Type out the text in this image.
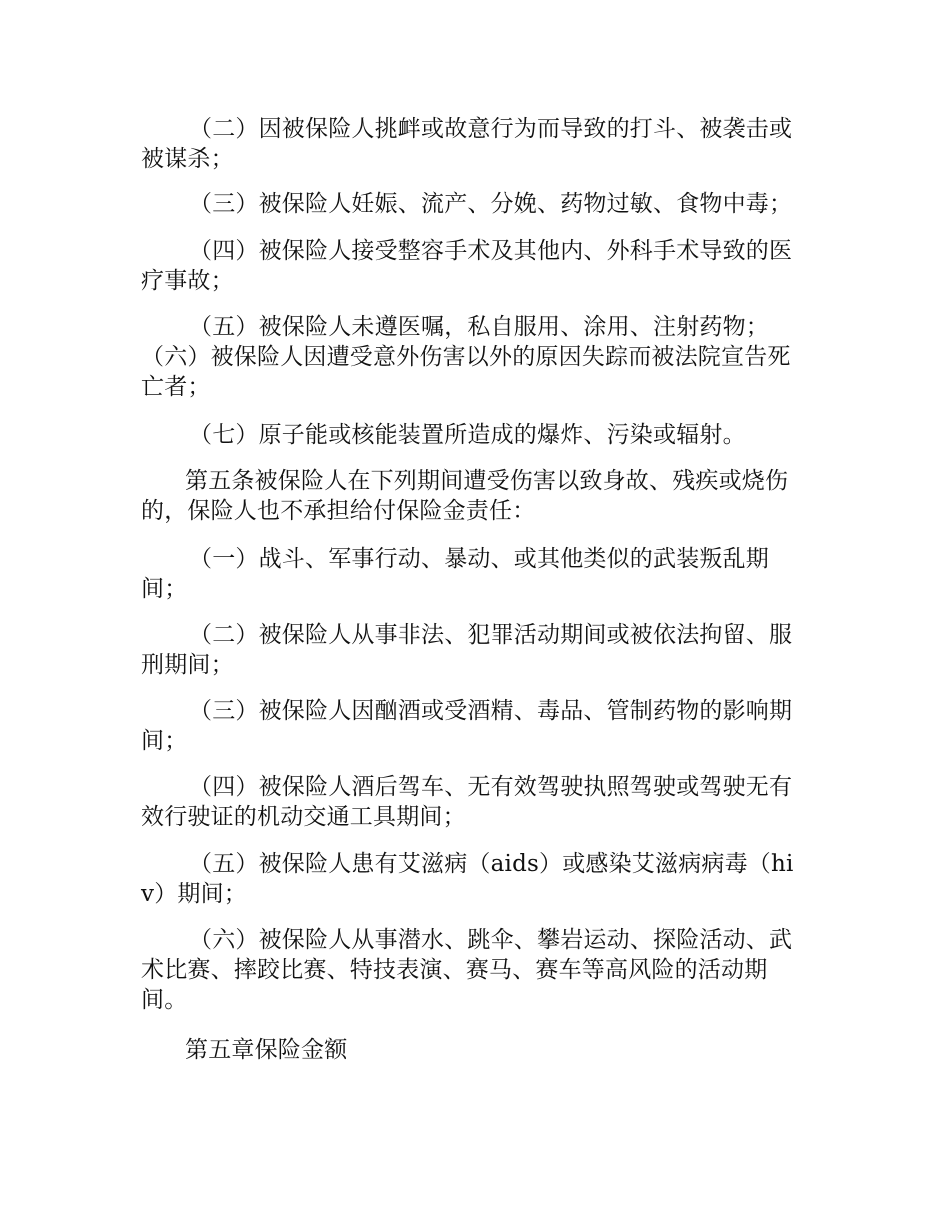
（二）因被保险人挑衅或故意行为而导致的打斗、被袭击或被谋杀；

（三）被保险人妊娠、流产、分娩、药物过敏、食物中毒；

（四）被保险人接受整容手术及其他内、外科手术导致的医疗事故；

（五）被保险人未遵医嘱，私自服用、涂用、注射药物；

（六）被保险人因遭受意外伤害以外的原因失踪而被法院宣告死亡者；

（七）原子能或核能装置所造成的爆炸、污染或辐射。

第五条被保险人在下列期间遭受伤害以致身故、残疾或烧伤的，保险人也不承担给付保险金责任：

（一）战斗、军事行动、暴动、或其他类似的武装叛乱期间；

（二）被保险人从事非法、犯罪活动期间或被依法拘留、服刑期间；

（三）被保险人因酗酒或受酒精、毒品、管制药物的影响期间；

（四）被保险人酒后驾车、无有效驾驶执照驾驶或驾驶无有效行驶证的机动交通工具期间；

（五）被保险人患有艾滋病（aids）或感染艾滋病病毒（hiv）期间；

（六）被保险人从事潜水、跳伞、攀岩运动、探险活动、武术比赛、摔跤比赛、特技表演、赛马、赛车等高风险的活动期间。

第五章保险金额
